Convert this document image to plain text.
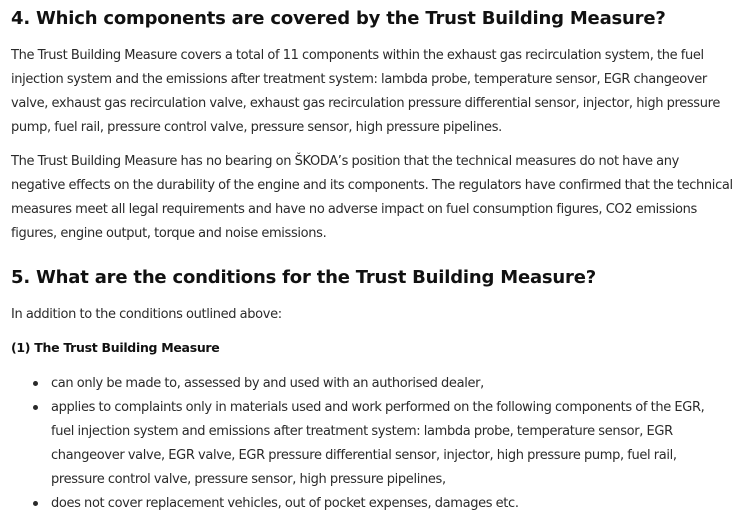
4. Which components are covered by the Trust Building Measure?

The Trust Building Measure covers a total of 11 components within the exhaust gas recirculation system, the fuel injection system and the emissions after treatment system: lambda probe, temperature sensor, EGR changeover valve, exhaust gas recirculation valve, exhaust gas recirculation pressure differential sensor, injector, high pressure pump, fuel rail, pressure control valve, pressure sensor, high pressure pipelines.

The Trust Building Measure has no bearing on ŠKODA’s position that the technical measures do not have any negative effects on the durability of the engine and its components. The regulators have confirmed that the technical measures meet all legal requirements and have no adverse impact on fuel consumption figures, CO2 emissions figures, engine output, torque and noise emissions.

5. What are the conditions for the Trust Building Measure?

In addition to the conditions outlined above:

(1) The Trust Building Measure
can only be made to, assessed by and used with an authorised dealer,
applies to complaints only in materials used and work performed on the following components of the EGR, fuel injection system and emissions after treatment system: lambda probe, temperature sensor, EGR changeover valve, EGR valve, EGR pressure differential sensor, injector, high pressure pump, fuel rail, pressure control valve, pressure sensor, high pressure pipelines,
does not cover replacement vehicles, out of pocket expenses, damages etc.
